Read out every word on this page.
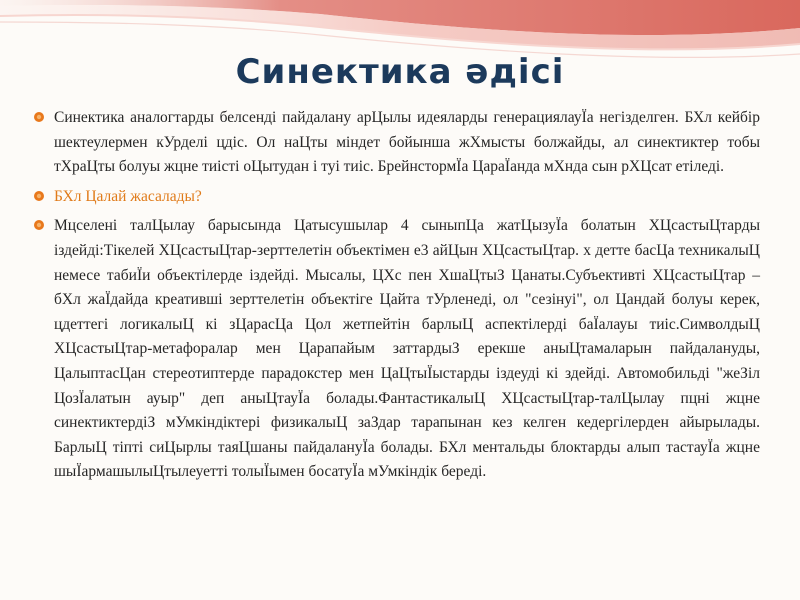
Синектика әдісі
Синектика аналогтарды белсенді пайдалану арЦылы идеяларды генерациялауЇа негізделген. БХл кейбір шектеулермен кУрделі цдіс. Ол наЦты міндет бойынша жХмысты болжайды, ал синектиктер тобы тХраЦты болуы жцне тиісті оЦытудан і туі тиіс. БрейнстормЇа ЦараЇанда мХнда сын рХЦсат етіледі.
БХл Цалай жасалады?
Мцселені талЦылау барысында Цатысушылар 4 сыныпЦа жатЦызуЇа болатын ХЦсастыЦтарды іздейді:Тікелей ХЦсастыЦтар-зерттелетін объектімен е3 айЦын ХЦсастыЦтар. х детте басЦа техникалыЦ немесе табиЇи объектілерде іздейді. Мысалы, ЦХс пен ХшаЦтыЗ Цанаты.Субъективті ХЦсастыЦтар – бХл жаЇдайда креативші зерттелетін объектіге Цайта тУрленеді, ол "сезінуі", ол Цандай болуы керек, цдеттегі логикалыЦ кі зЦарасЦа Цол жетпейтін барлыЦ аспектілерді баЇалауы тиіс.СимволдыЦ ХЦсастыЦтар-метафоралар мен Царапайым заттардыЗ ерекше аныЦтамаларын пайдалануды, ЦалыптасЦан стереотиптерде парадокстер мен ЦаЦтыЇыстарды іздеуді кі здейді. Автомобильді "жеЗіл ЦозЇалатын ауыр" деп аныЦтауЇа болады.ФантастикалыЦ ХЦсастыЦтар-талЦылау пцні жцне синектиктердіЗ мУмкіндіктері физикалыЦ заЗдар тарапынан кез келген кедергілерден айырылады. БарлыЦ тіпті сиЦырлы таяЦшаны пайдалануЇа болады. БХл ментальды блоктарды алып тастауЇа жцне шыЇармашылыЦтылеуетті толыЇымен босатуЇа мУмкіндік береді.
